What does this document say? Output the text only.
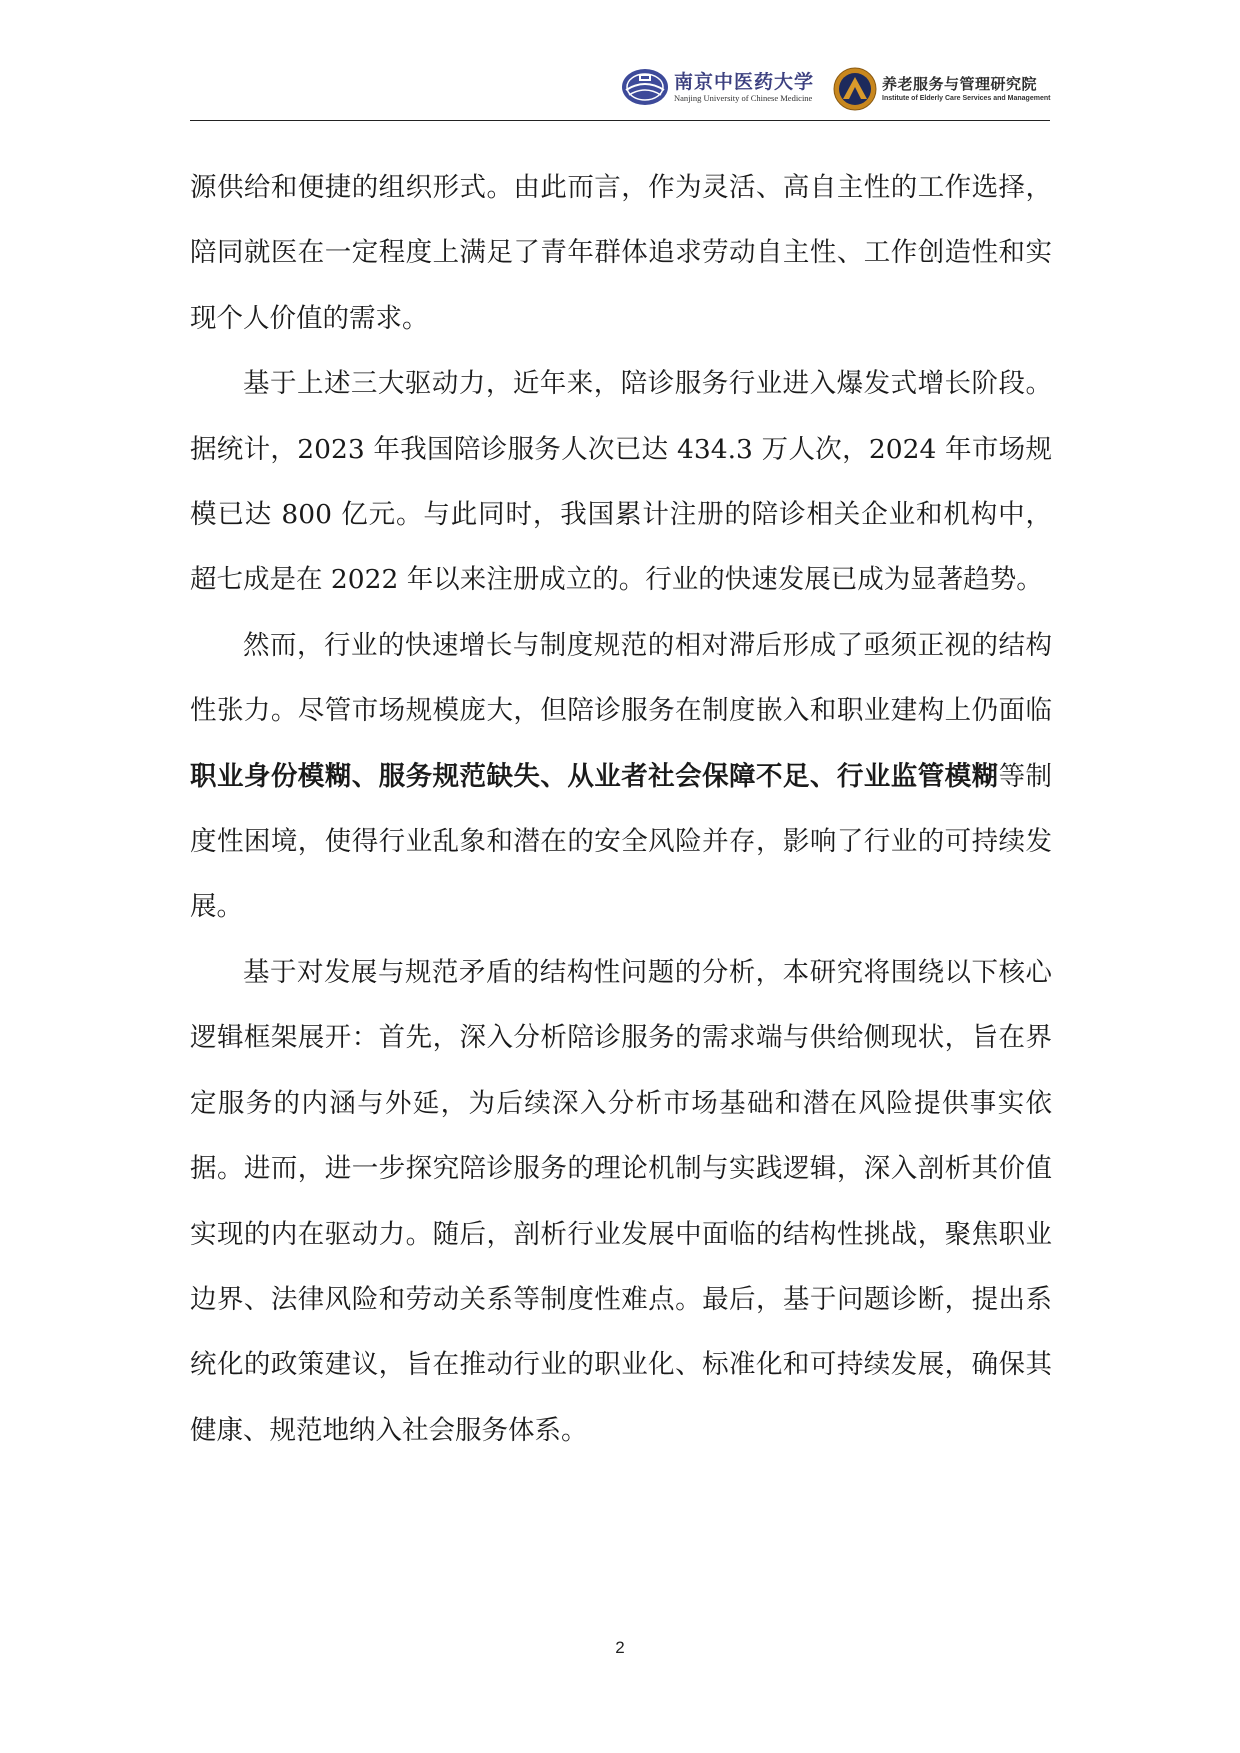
南京中医药大学
Nanjing University of Chinese Medicine
养老服务与管理研究院
Institute of Elderly Care Services and Management

源供给和便捷的组织形式。由此而言，作为灵活、高自主性的工作选择，陪同就医在一定程度上满足了青年群体追求劳动自主性、工作创造性和实现个人价值的需求。

基于上述三大驱动力，近年来，陪诊服务行业进入爆发式增长阶段。据统计，2023 年我国陪诊服务人次已达 434.3 万人次，2024 年市场规模已达 800 亿元。与此同时，我国累计注册的陪诊相关企业和机构中，超七成是在 2022 年以来注册成立的。行业的快速发展已成为显著趋势。

然而，行业的快速增长与制度规范的相对滞后形成了亟须正视的结构性张力。尽管市场规模庞大，但陪诊服务在制度嵌入和职业建构上仍面临职业身份模糊、服务规范缺失、从业者社会保障不足、行业监管模糊等制度性困境，使得行业乱象和潜在的安全风险并存，影响了行业的可持续发展。

基于对发展与规范矛盾的结构性问题的分析，本研究将围绕以下核心逻辑框架展开：首先，深入分析陪诊服务的需求端与供给侧现状，旨在界定服务的内涵与外延，为后续深入分析市场基础和潜在风险提供事实依据。进而，进一步探究陪诊服务的理论机制与实践逻辑，深入剖析其价值实现的内在驱动力。随后，剖析行业发展中面临的结构性挑战，聚焦职业边界、法律风险和劳动关系等制度性难点。最后，基于问题诊断，提出系统化的政策建议，旨在推动行业的职业化、标准化和可持续发展，确保其健康、规范地纳入社会服务体系。

2
